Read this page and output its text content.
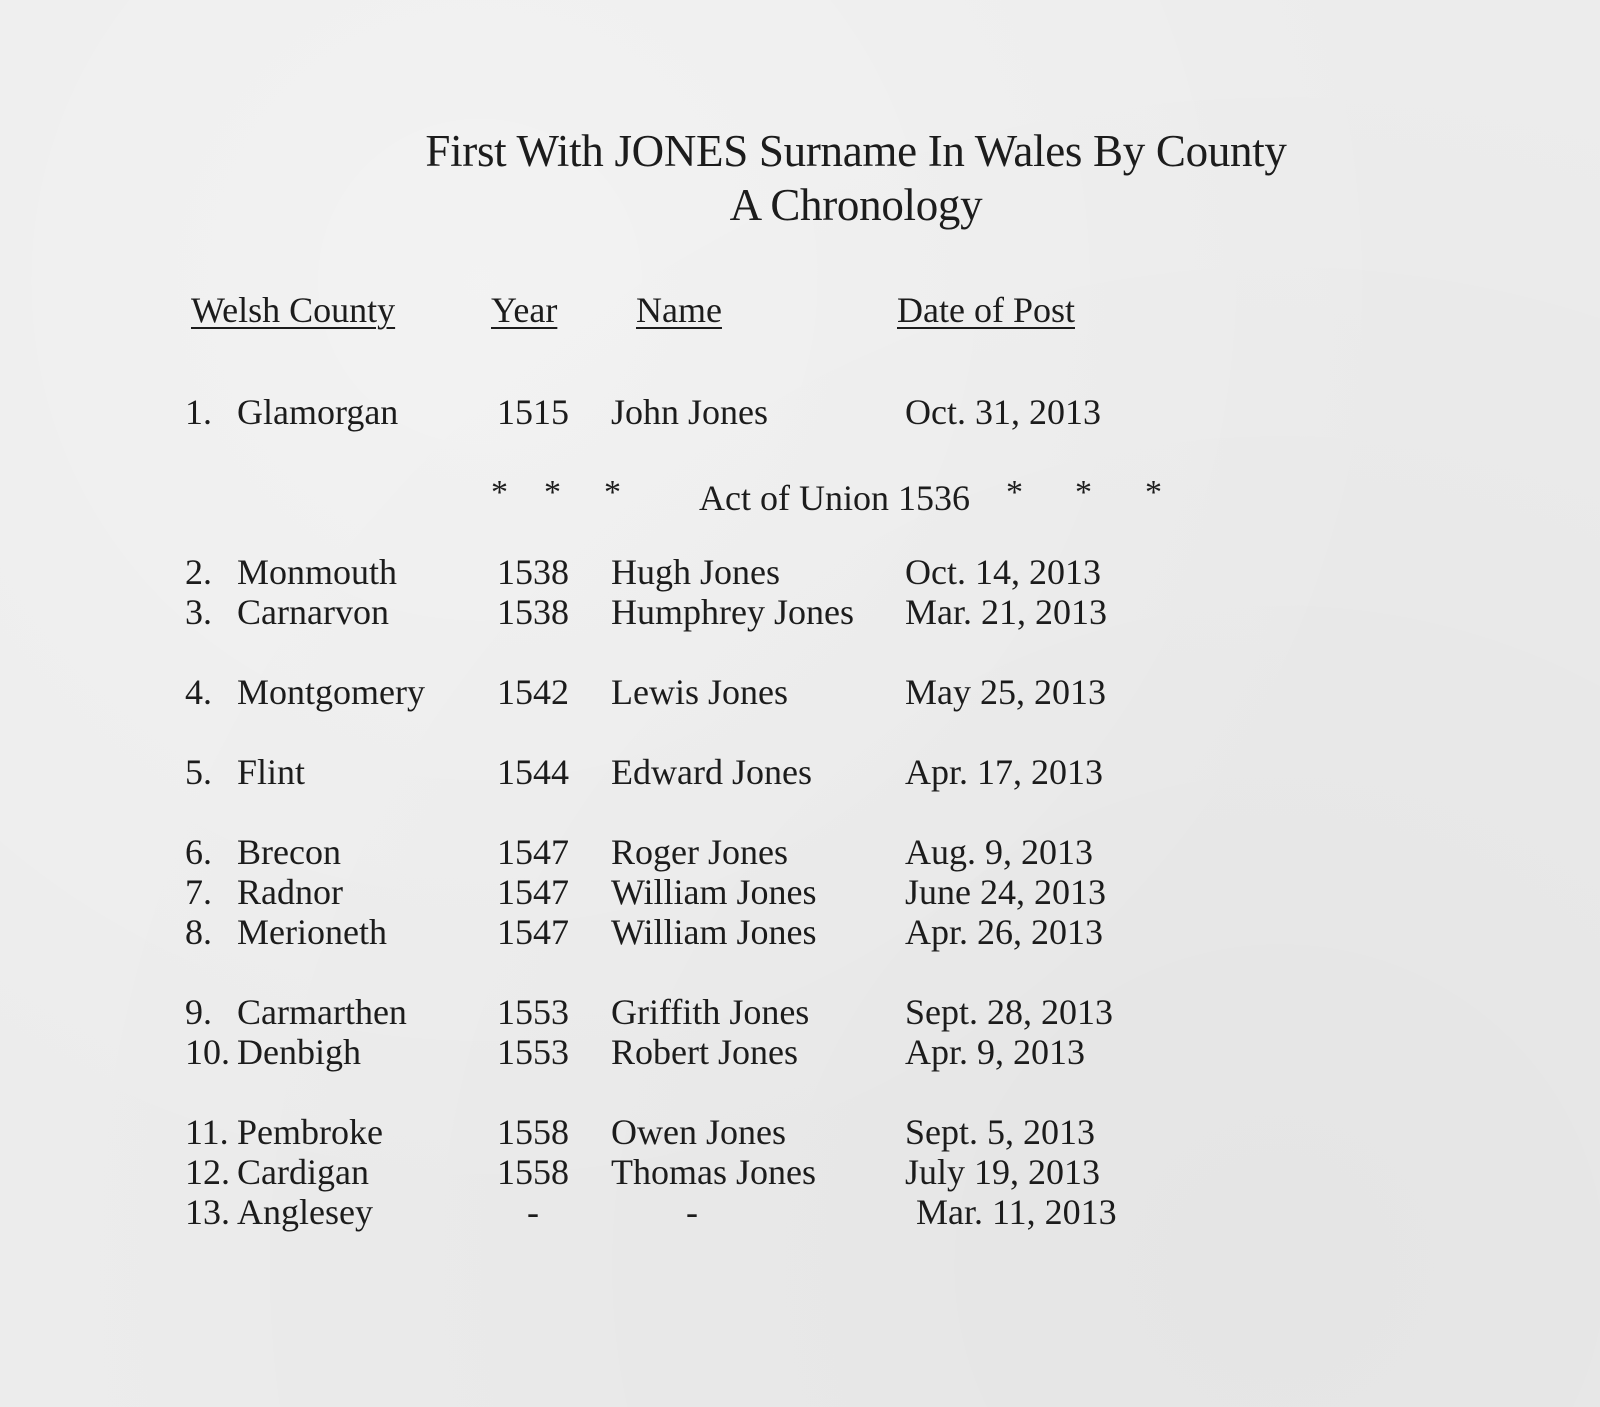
First With JONES Surname In Wales By County
A Chronology
Welsh County	Year Name	Date of Post
1. Glamorgan	1515 John Jones	Oct. 31, 2013
* * * Act of Union 1536 * * *
2. Monmouth	1538 Hugh Jones	Oct. 14, 2013
3. Carnarvon	1538 Humphrey Jones Mar. 21, 2013
4. Montgomery 1542 Lewis Jones	May 25, 2013
5. Flint	1544 Edward Jones	Apr. 17, 2013
6. Brecon	1547 Roger Jones	Aug. 9, 2013
7. Radnor	1547 William Jones June 24, 2013
8. Merioneth	1547 William Jones Apr. 26, 2013
9. Carmarthen	1553 Griffith Jones	Sept. 28, 2013
10. Denbigh	1553 Robert Jones	Apr. 9, 2013
11. Pembroke	1558 Owen Jones	Sept. 5, 2013
12. Cardigan	1558 Thomas Jones July 19, 2013
13. Anglesey	-	-	Mar. 11, 2013
